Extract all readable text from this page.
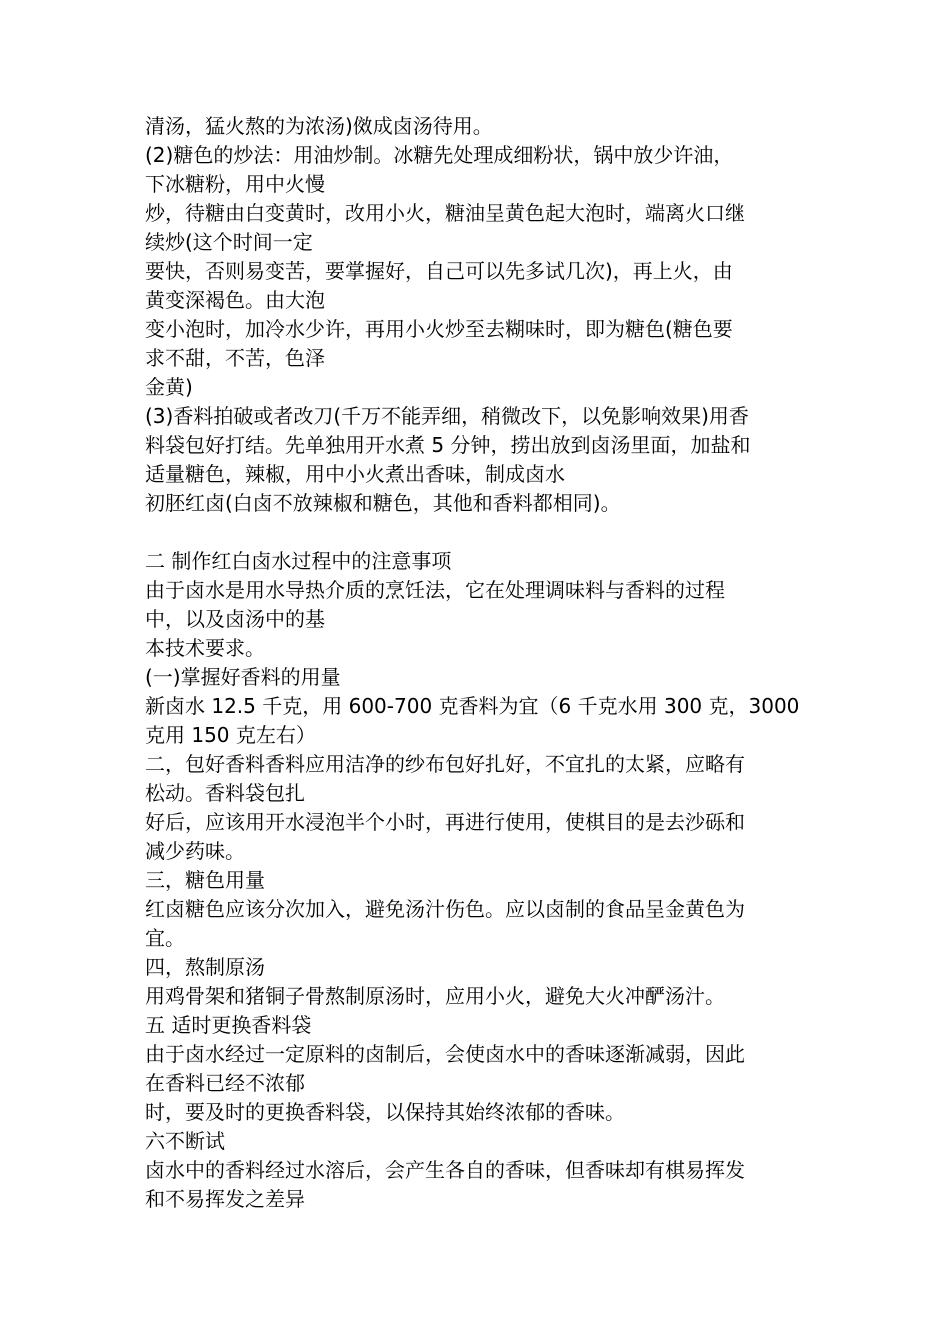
清汤，猛火熬的为浓汤)傚成卤汤待用。
(2)糖色的炒法：用油炒制。冰糖先处理成细粉状，锅中放少许油，
下冰糖粉，用中火慢
炒，待糖由白变黄时，改用小火，糖油呈黄色起大泡时，端离火口继
续炒(这个时间一定
要快，否则易变苦，要掌握好，自己可以先多试几次)，再上火，由
黄变深褐色。由大泡
变小泡时，加冷水少许，再用小火炒至去糊味时，即为糖色(糖色要
求不甜，不苦，色泽
金黄)
(3)香料拍破或者改刀(千万不能弄细，稍微改下，以免影响效果)用香
料袋包好打结。先单独用开水煮 5 分钟，捞出放到卤汤里面，加盐和
适量糖色，辣椒，用中小火煮出香味，制成卤水
初胚红卤(白卤不放辣椒和糖色，其他和香料都相同)。
二 制作红白卤水过程中的注意事项
由于卤水是用水导热介质的烹饪法，它在处理调味料与香料的过程
中，以及卤汤中的基
本技术要求。
(一)掌握好香料的用量
新卤水 12.5 千克，用 600-700 克香料为宜（6 千克水用 300 克，3000
克用 150 克左右）
二，包好香料香料应用洁净的纱布包好扎好，不宜扎的太紧，应略有
松动。香料袋包扎
好后，应该用开水浸泡半个小时，再进行使用，使棋目的是去沙砾和
减少药味。
三，糖色用量
红卤糖色应该分次加入，避免汤汁伤色。应以卤制的食品呈金黄色为
宜。
四，熬制原汤
用鸡骨架和猪铜子骨熬制原汤时，应用小火，避免大火冲酽汤汁。
五 适时更换香料袋
由于卤水经过一定原料的卤制后，会使卤水中的香味逐渐减弱，因此
在香料已经不浓郁
时，要及时的更换香料袋，以保持其始终浓郁的香味。
六不断试
卤水中的香料经过水溶后，会产生各自的香味，但香味却有棋易挥发
和不易挥发之差异
